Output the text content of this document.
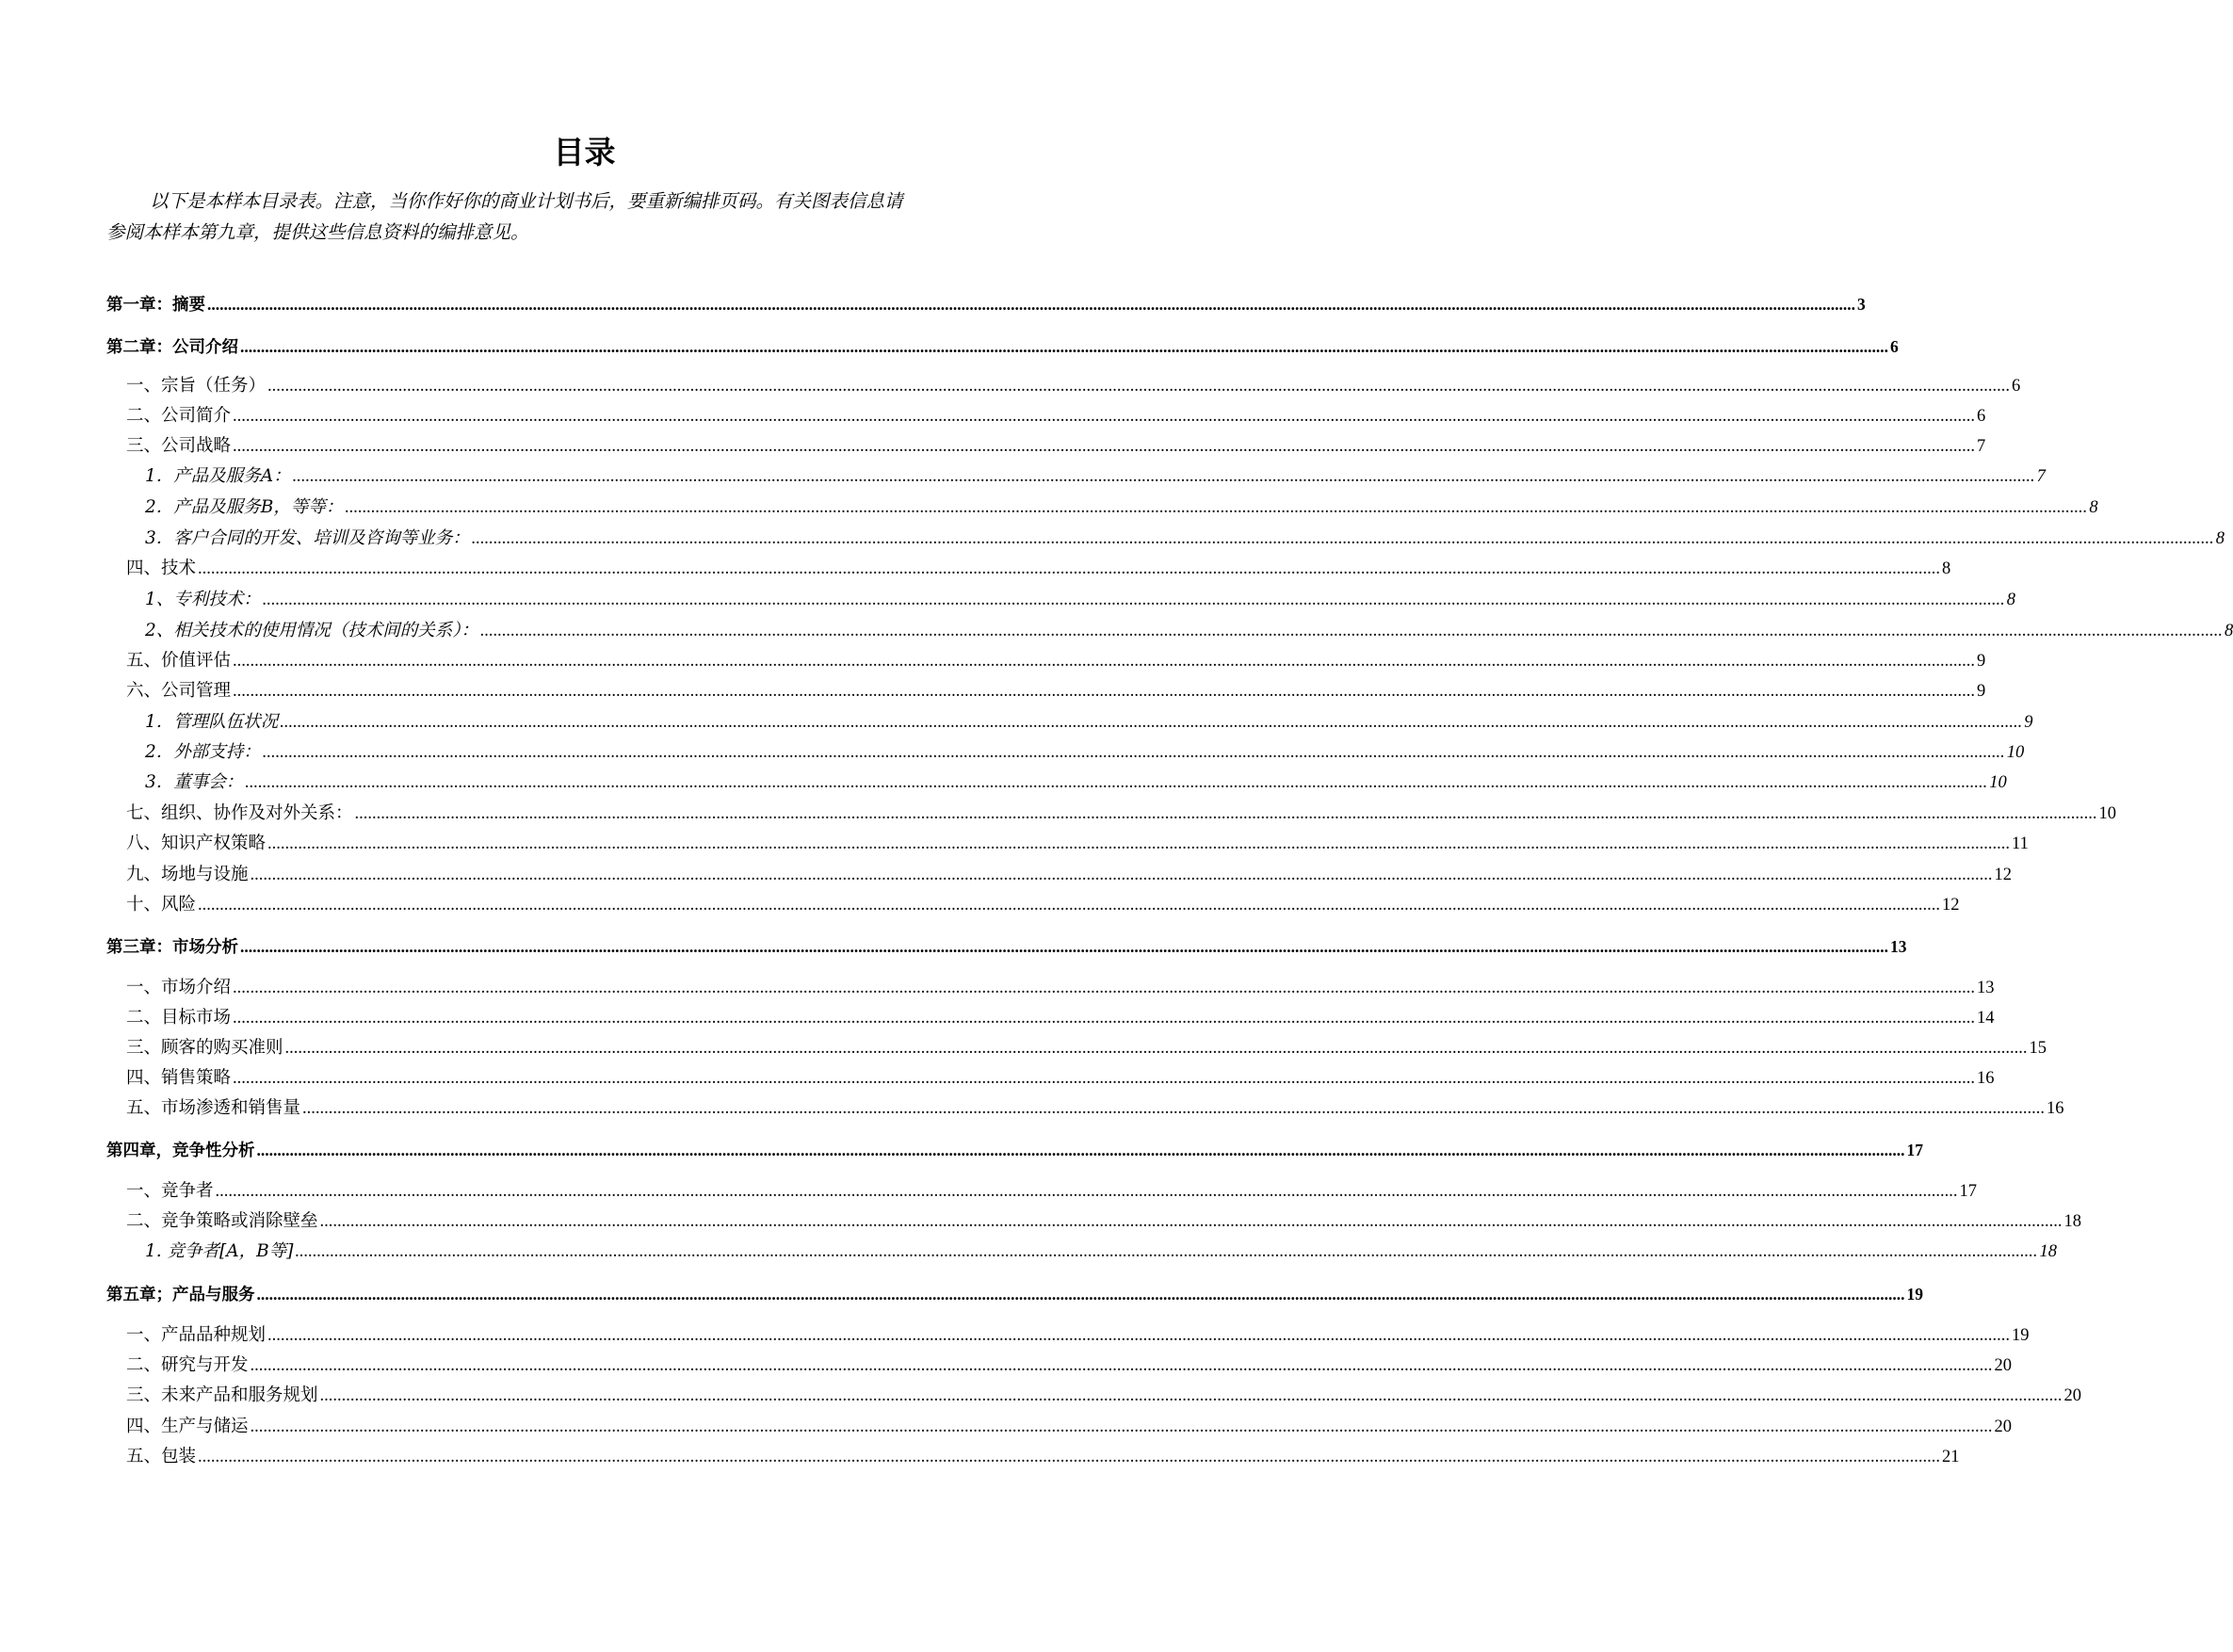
目录
以下是本样本目录表。注意，当你作好你的商业计划书后，要重新编排页码。有关图表信息请
参阅本样本第九章，提供这些信息资料的编排意见。
第一章：摘要 ................................................................................................................................................................................................................................................................................................................................................................................................................ 3
第二章：公司介绍 ................................................................................................................................................................................................................................................................................................................................................................................................................ 6
一、宗旨（任务） ................................................................................................................................................................................................................................................................................................................................................................................................................ 6
二、公司简介 ................................................................................................................................................................................................................................................................................................................................................................................................................ 6
三、公司战略 ................................................................................................................................................................................................................................................................................................................................................................................................................ 7
1．产品及服务A： ................................................................................................................................................................................................................................................................................................................................................................................................................ 7
2．产品及服务B，等等： ................................................................................................................................................................................................................................................................................................................................................................................................................ 8
3．客户合同的开发、培训及咨询等业务： ................................................................................................................................................................................................................................................................................................................................................................................................................ 8
四、技术 ................................................................................................................................................................................................................................................................................................................................................................................................................ 8
1、专利技术： ................................................................................................................................................................................................................................................................................................................................................................................................................ 8
2、相关技术的使用情况（技术间的关系）： ................................................................................................................................................................................................................................................................................................................................................................................................................ 8
五、价值评估 ................................................................................................................................................................................................................................................................................................................................................................................................................ 9
六、公司管理 ................................................................................................................................................................................................................................................................................................................................................................................................................ 9
1．管理队伍状况 ................................................................................................................................................................................................................................................................................................................................................................................................................ 9
2．外部支持： ................................................................................................................................................................................................................................................................................................................................................................................................................ 10
3．董事会： ................................................................................................................................................................................................................................................................................................................................................................................................................ 10
七、组织、协作及对外关系： ................................................................................................................................................................................................................................................................................................................................................................................................................ 10
八、知识产权策略 ................................................................................................................................................................................................................................................................................................................................................................................................................ 11
九、场地与设施 ................................................................................................................................................................................................................................................................................................................................................................................................................ 12
十、风险 ................................................................................................................................................................................................................................................................................................................................................................................................................ 12
第三章：市场分析 ................................................................................................................................................................................................................................................................................................................................................................................................................ 13
一、市场介绍 ................................................................................................................................................................................................................................................................................................................................................................................................................ 13
二、目标市场 ................................................................................................................................................................................................................................................................................................................................................................................................................ 14
三、顾客的购买准则 ................................................................................................................................................................................................................................................................................................................................................................................................................ 15
四、销售策略 ................................................................................................................................................................................................................................................................................................................................................................................................................ 16
五、市场渗透和销售量 ................................................................................................................................................................................................................................................................................................................................................................................................................ 16
第四章，竞争性分析 ................................................................................................................................................................................................................................................................................................................................................................................................................ 17
一、竞争者 ................................................................................................................................................................................................................................................................................................................................................................................................................ 17
二、竞争策略或消除壁垒 ................................................................................................................................................................................................................................................................................................................................................................................................................ 18
1. 竞争者[A，B等] ................................................................................................................................................................................................................................................................................................................................................................................................................ 18
第五章；产品与服务 ................................................................................................................................................................................................................................................................................................................................................................................................................ 19
一、产品品种规划 ................................................................................................................................................................................................................................................................................................................................................................................................................ 19
二、研究与开发 ................................................................................................................................................................................................................................................................................................................................................................................................................ 20
三、未来产品和服务规划 ................................................................................................................................................................................................................................................................................................................................................................................................................ 20
四、生产与储运 ................................................................................................................................................................................................................................................................................................................................................................................................................ 20
五、包装 ................................................................................................................................................................................................................................................................................................................................................................................................................ 21
